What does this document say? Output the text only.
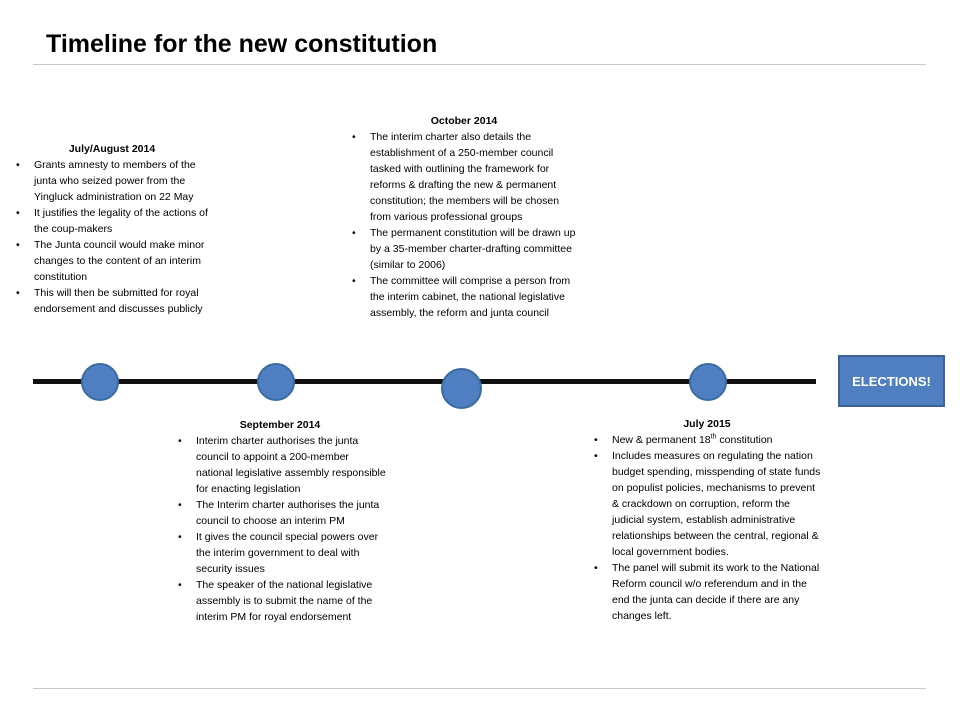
Timeline for the new constitution
July/August 2014
• Grants amnesty to members of the junta who seized power from the Yingluck administration on 22 May
• It justifies the legality of the actions of the coup-makers
• The Junta council would make minor changes to the content of an interim constitution
• This will then be submitted for royal endorsement and discusses publicly
October 2014
• The interim charter also details the establishment of a 250-member council tasked with outlining the framework for reforms & drafting the new & permanent constitution; the members will be chosen from various professional groups
• The permanent constitution will be drawn up by a 35-member charter-drafting committee (similar to 2006)
• The committee will comprise a person from the interim cabinet, the national legislative assembly, the reform and junta council
ELECTIONS!
September 2014
• Interim charter authorises the junta council to appoint a 200-member national legislative assembly responsible for enacting legislation
• The Interim charter authorises the junta council to choose an interim PM
• It gives the council special powers over the interim government to deal with security issues
• The speaker of the national legislative assembly is to submit the name of the interim PM for royal endorsement
July 2015
• New & permanent 18th constitution
• Includes measures on regulating the nation budget spending, misspending of state funds on populist policies, mechanisms to prevent & crackdown on corruption, reform the judicial system, establish administrative relationships between the central, regional & local government bodies.
• The panel will submit its work to the National Reform council w/o referendum and in the end the junta can decide if there are any changes left.
